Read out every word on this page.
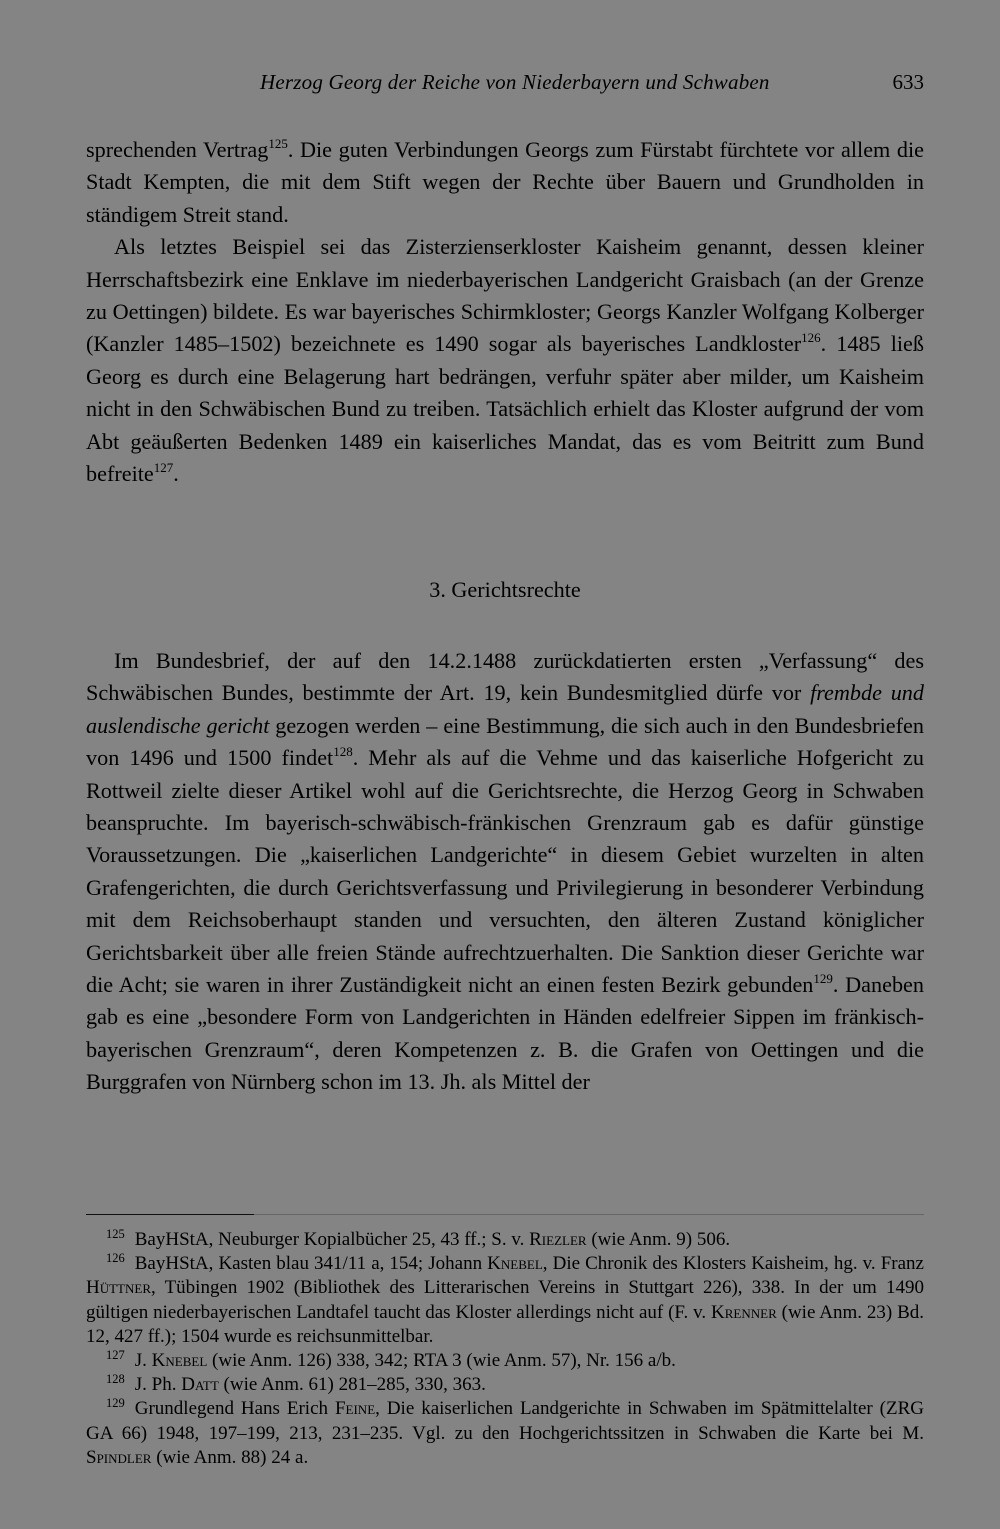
Herzog Georg der Reiche von Niederbayern und Schwaben	633

sprechenden Vertrag$^{125}$. Die guten Verbindungen Georgs zum Fürstabt fürchtete vor allem die Stadt Kempten, die mit dem Stift wegen der Rechte über Bauern und Grundholden in ständigem Streit stand.

Als letztes Beispiel sei das Zisterzienserkloster Kaisheim genannt, dessen kleiner Herrschaftsbezirk eine Enklave im niederbayerischen Landgericht Graisbach (an der Grenze zu Oettingen) bildete. Es war bayerisches Schirmkloster; Georgs Kanzler Wolfgang Kolberger (Kanzler 1485–1502) bezeichnete es 1490 sogar als bayerisches Landkloster$^{126}$. 1485 ließ Georg es durch eine Belagerung hart bedrängen, verfuhr später aber milder, um Kaisheim nicht in den Schwäbischen Bund zu treiben. Tatsächlich erhielt das Kloster aufgrund der vom Abt geäußerten Bedenken 1489 ein kaiserliches Mandat, das es vom Beitritt zum Bund befreite$^{127}$.

3. Gerichtsrechte

Im Bundesbrief, der auf den 14.2.1488 zurückdatierten ersten „Verfassung“ des Schwäbischen Bundes, bestimmte der Art. 19, kein Bundesmitglied dürfe vor frembde und auslendische gericht gezogen werden – eine Bestimmung, die sich auch in den Bundesbriefen von 1496 und 1500 findet$^{128}$. Mehr als auf die Vehme und das kaiserliche Hofgericht zu Rottweil zielte dieser Artikel wohl auf die Gerichtsrechte, die Herzog Georg in Schwaben beanspruchte. Im bayerisch-schwäbisch-fränkischen Grenzraum gab es dafür günstige Voraussetzungen. Die „kaiserlichen Landgerichte“ in diesem Gebiet wurzelten in alten Grafengerichten, die durch Gerichtsverfassung und Privilegierung in besonderer Verbindung mit dem Reichsoberhaupt standen und versuchten, den älteren Zustand königlicher Gerichtsbarkeit über alle freien Stände aufrechtzuerhalten. Die Sanktion dieser Gerichte war die Acht; sie waren in ihrer Zuständigkeit nicht an einen festen Bezirk gebunden$^{129}$. Daneben gab es eine „besondere Form von Landgerichten in Händen edelfreier Sippen im fränkisch-bayerischen Grenzraum“, deren Kompetenzen z. B. die Grafen von Oettingen und die Burggrafen von Nürnberg schon im 13. Jh. als Mittel der

$^{125}$ BayHStA, Neuburger Kopialbücher 25, 43 ff.; S. v. Riezler (wie Anm. 9) 506.

$^{126}$ BayHStA, Kasten blau 341/11 a, 154; Johann Knebel, Die Chronik des Klosters Kaisheim, hg. v. Franz Hüttner, Tübingen 1902 (Bibliothek des Litterarischen Vereins in Stuttgart 226), 338. In der um 1490 gültigen niederbayerischen Landtafel taucht das Kloster allerdings nicht auf (F. v. Krenner (wie Anm. 23) Bd. 12, 427 ff.); 1504 wurde es reichsunmittelbar.

$^{127}$ J. Knebel (wie Anm. 126) 338, 342; RTA 3 (wie Anm. 57), Nr. 156 a/b.

$^{128}$ J. Ph. Datt (wie Anm. 61) 281–285, 330, 363.

$^{129}$ Grundlegend Hans Erich Feine, Die kaiserlichen Landgerichte in Schwaben im Spätmittelalter (ZRG GA 66) 1948, 197–199, 213, 231–235. Vgl. zu den Hochgerichtssitzen in Schwaben die Karte bei M. Spindler (wie Anm. 88) 24 a.
